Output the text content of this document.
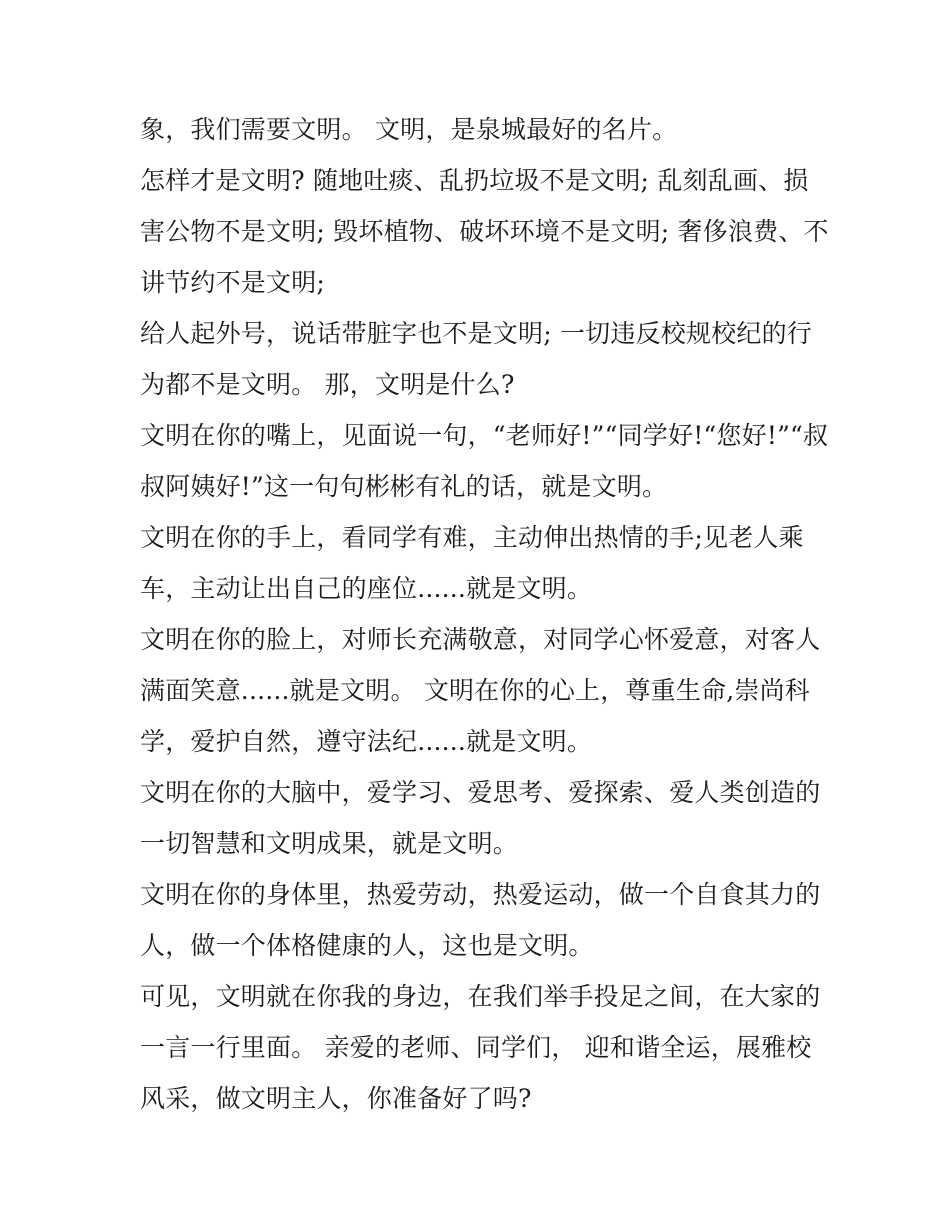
象，我们需要文明。 文明，是泉城最好的名片。
怎样才是文明? 随地吐痰、乱扔垃圾不是文明; 乱刻乱画、损
害公物不是文明; 毁坏植物、破坏环境不是文明; 奢侈浪费、不
讲节约不是文明;
给人起外号，说话带脏字也不是文明; 一切违反校规校纪的行
为都不是文明。 那，文明是什么?
文明在你的嘴上，见面说一句，“老师好!”“同学好!“您好!”“叔
叔阿姨好!”这一句句彬彬有礼的话，就是文明。
文明在你的手上，看同学有难，主动伸出热情的手;见老人乘
车，主动让出自己的座位......就是文明。
文明在你的脸上，对师长充满敬意，对同学心怀爱意，对客人
满面笑意......就是文明。 文明在你的心上，尊重生命,崇尚科
学，爱护自然，遵守法纪......就是文明。
文明在你的大脑中，爱学习、爱思考、爱探索、爱人类创造的
一切智慧和文明成果，就是文明。
文明在你的身体里，热爱劳动，热爱运动，做一个自食其力的
人，做一个体格健康的人，这也是文明。
可见，文明就在你我的身边，在我们举手投足之间，在大家的
一言一行里面。 亲爱的老师、同学们， 迎和谐全运，展雅校
风采，做文明主人，你准备好了吗?
